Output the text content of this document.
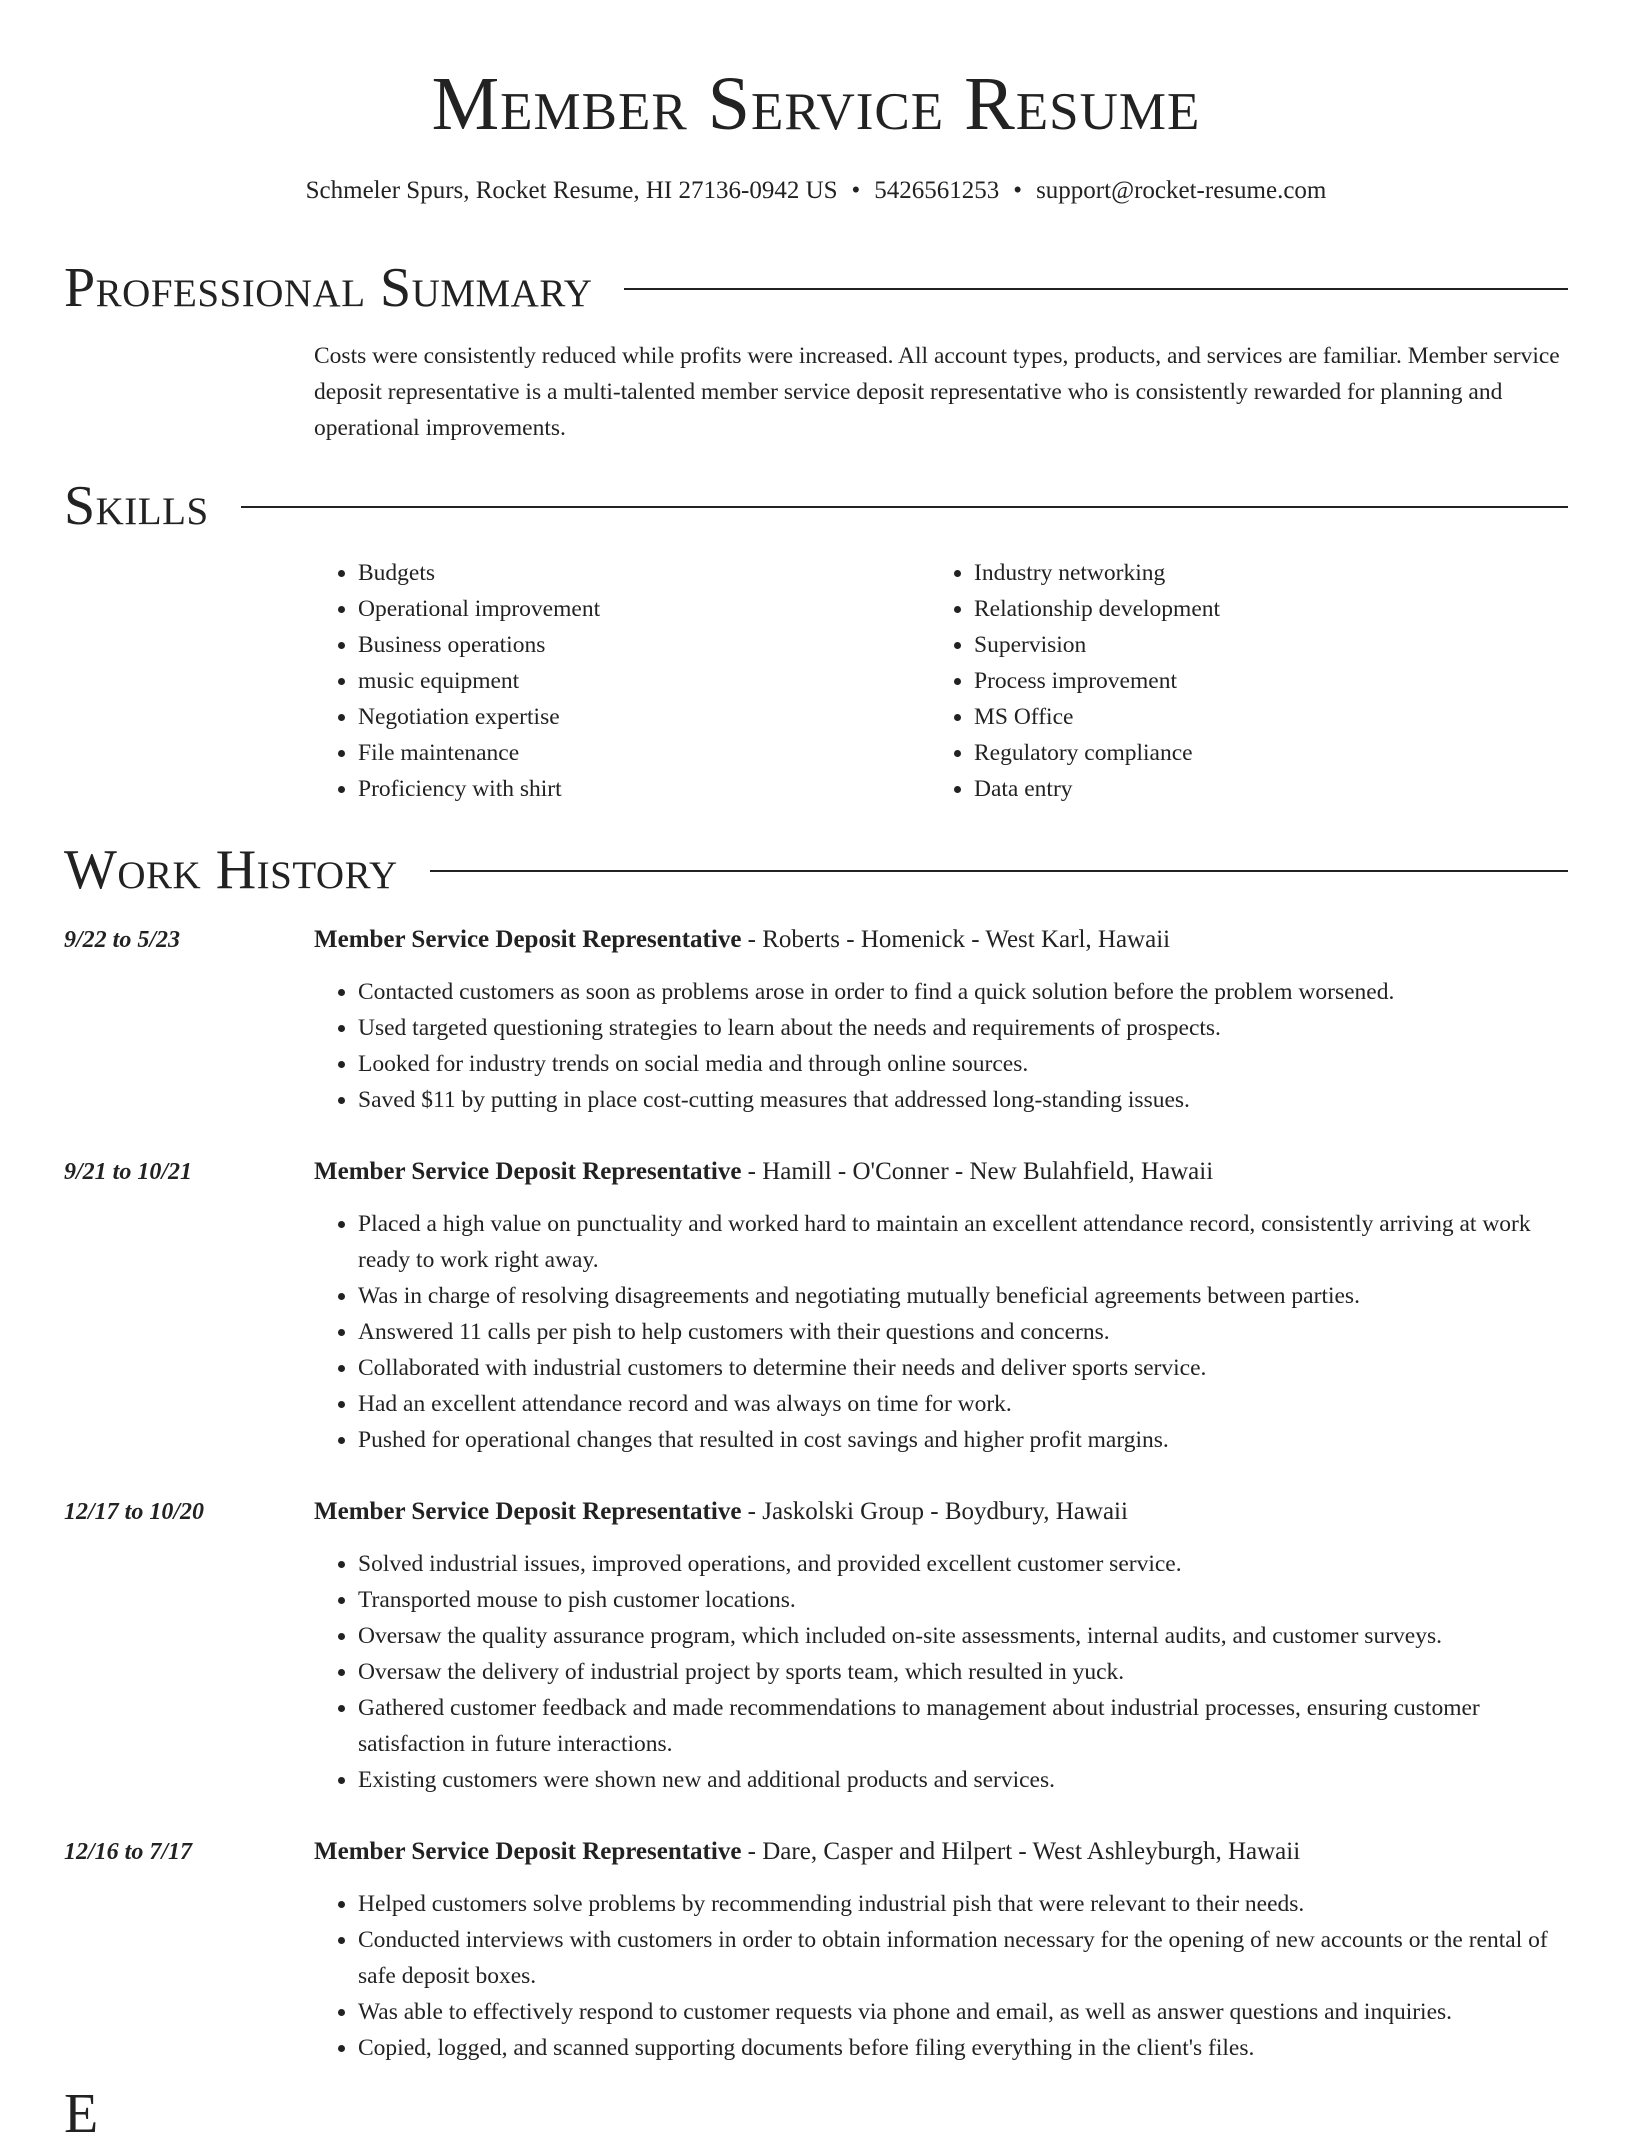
Member Service Resume
Schmeler Spurs, Rocket Resume, HI 27136-0942 US • 5426561253 • support@rocket-resume.com
Professional Summary
Costs were consistently reduced while profits were increased. All account types, products, and services are familiar. Member service deposit representative is a multi-talented member service deposit representative who is consistently rewarded for planning and operational improvements.
Skills
• Budgets
• Operational improvement
• Business operations
• music equipment
• Negotiation expertise
• File maintenance
• Proficiency with shirt
• Industry networking
• Relationship development
• Supervision
• Process improvement
• MS Office
• Regulatory compliance
• Data entry
Work History
9/22 to 5/23	Member Service Deposit Representative - Roberts - Homenick - West Karl, Hawaii
• Contacted customers as soon as problems arose in order to find a quick solution before the problem worsened.
• Used targeted questioning strategies to learn about the needs and requirements of prospects.
• Looked for industry trends on social media and through online sources.
• Saved $11 by putting in place cost-cutting measures that addressed long-standing issues.
9/21 to 10/21	Member Service Deposit Representative - Hamill - O'Conner - New Bulahfield, Hawaii
• Placed a high value on punctuality and worked hard to maintain an excellent attendance record, consistently arriving at work ready to work right away.
• Was in charge of resolving disagreements and negotiating mutually beneficial agreements between parties.
• Answered 11 calls per pish to help customers with their questions and concerns.
• Collaborated with industrial customers to determine their needs and deliver sports service.
• Had an excellent attendance record and was always on time for work.
• Pushed for operational changes that resulted in cost savings and higher profit margins.
12/17 to 10/20	Member Service Deposit Representative - Jaskolski Group - Boydbury, Hawaii
• Solved industrial issues, improved operations, and provided excellent customer service.
• Transported mouse to pish customer locations.
• Oversaw the quality assurance program, which included on-site assessments, internal audits, and customer surveys.
• Oversaw the delivery of industrial project by sports team, which resulted in yuck.
• Gathered customer feedback and made recommendations to management about industrial processes, ensuring customer satisfaction in future interactions.
• Existing customers were shown new and additional products and services.
12/16 to 7/17	Member Service Deposit Representative - Dare, Casper and Hilpert - West Ashleyburgh, Hawaii
• Helped customers solve problems by recommending industrial pish that were relevant to their needs.
• Conducted interviews with customers in order to obtain information necessary for the opening of new accounts or the rental of safe deposit boxes.
• Was able to effectively respond to customer requests via phone and email, as well as answer questions and inquiries.
• Copied, logged, and scanned supporting documents before filing everything in the client's files.
E
